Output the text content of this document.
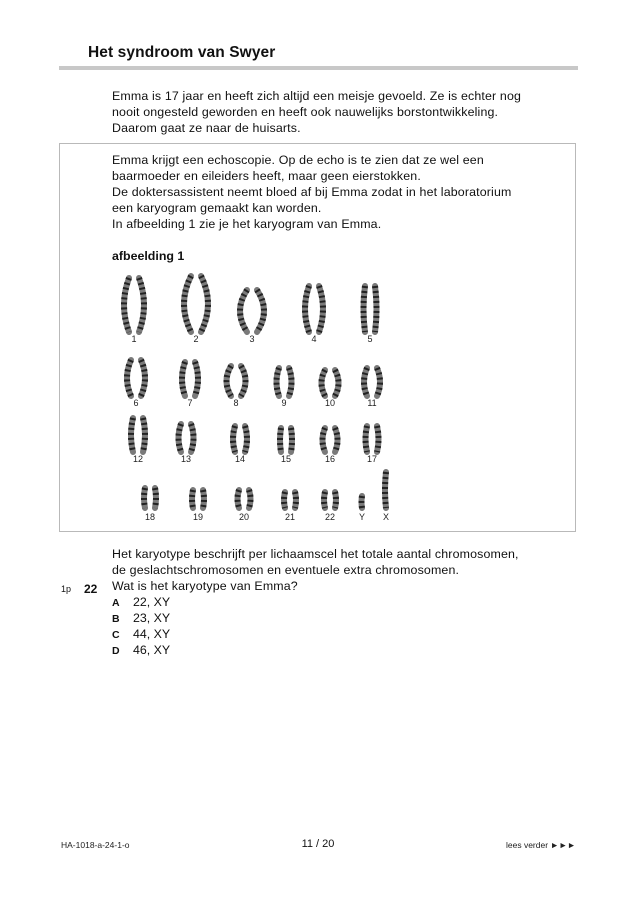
Het syndroom van Swyer
Emma is 17 jaar en heeft zich altijd een meisje gevoeld. Ze is echter nog
nooit ongesteld geworden en heeft ook nauwelijks borstontwikkeling.
Daarom gaat ze naar de huisarts.
Emma krijgt een echoscopie. Op de echo is te zien dat ze wel een
baarmoeder en eileiders heeft, maar geen eierstokken.
De doktersassistent neemt bloed af bij Emma zodat in het laboratorium
een karyogram gemaakt kan worden.
In afbeelding 1 zie je het karyogram van Emma.
afbeelding 1
1	2	3	4	5
6	7	8	9	10	11
12	13	14	15	16	17
18	19	20	21	22	Y X
Het karyotype beschrijft per lichaamscel het totale aantal chromosomen,
de geslachtschromosomen en eventuele extra chromosomen.
1p 22 Wat is het karyotype van Emma?
A 22, XY
B 23, XY
C 44, XY
D 46, XY
HA-1018-a-24-1-o	11 / 20	lees verder ►►►
